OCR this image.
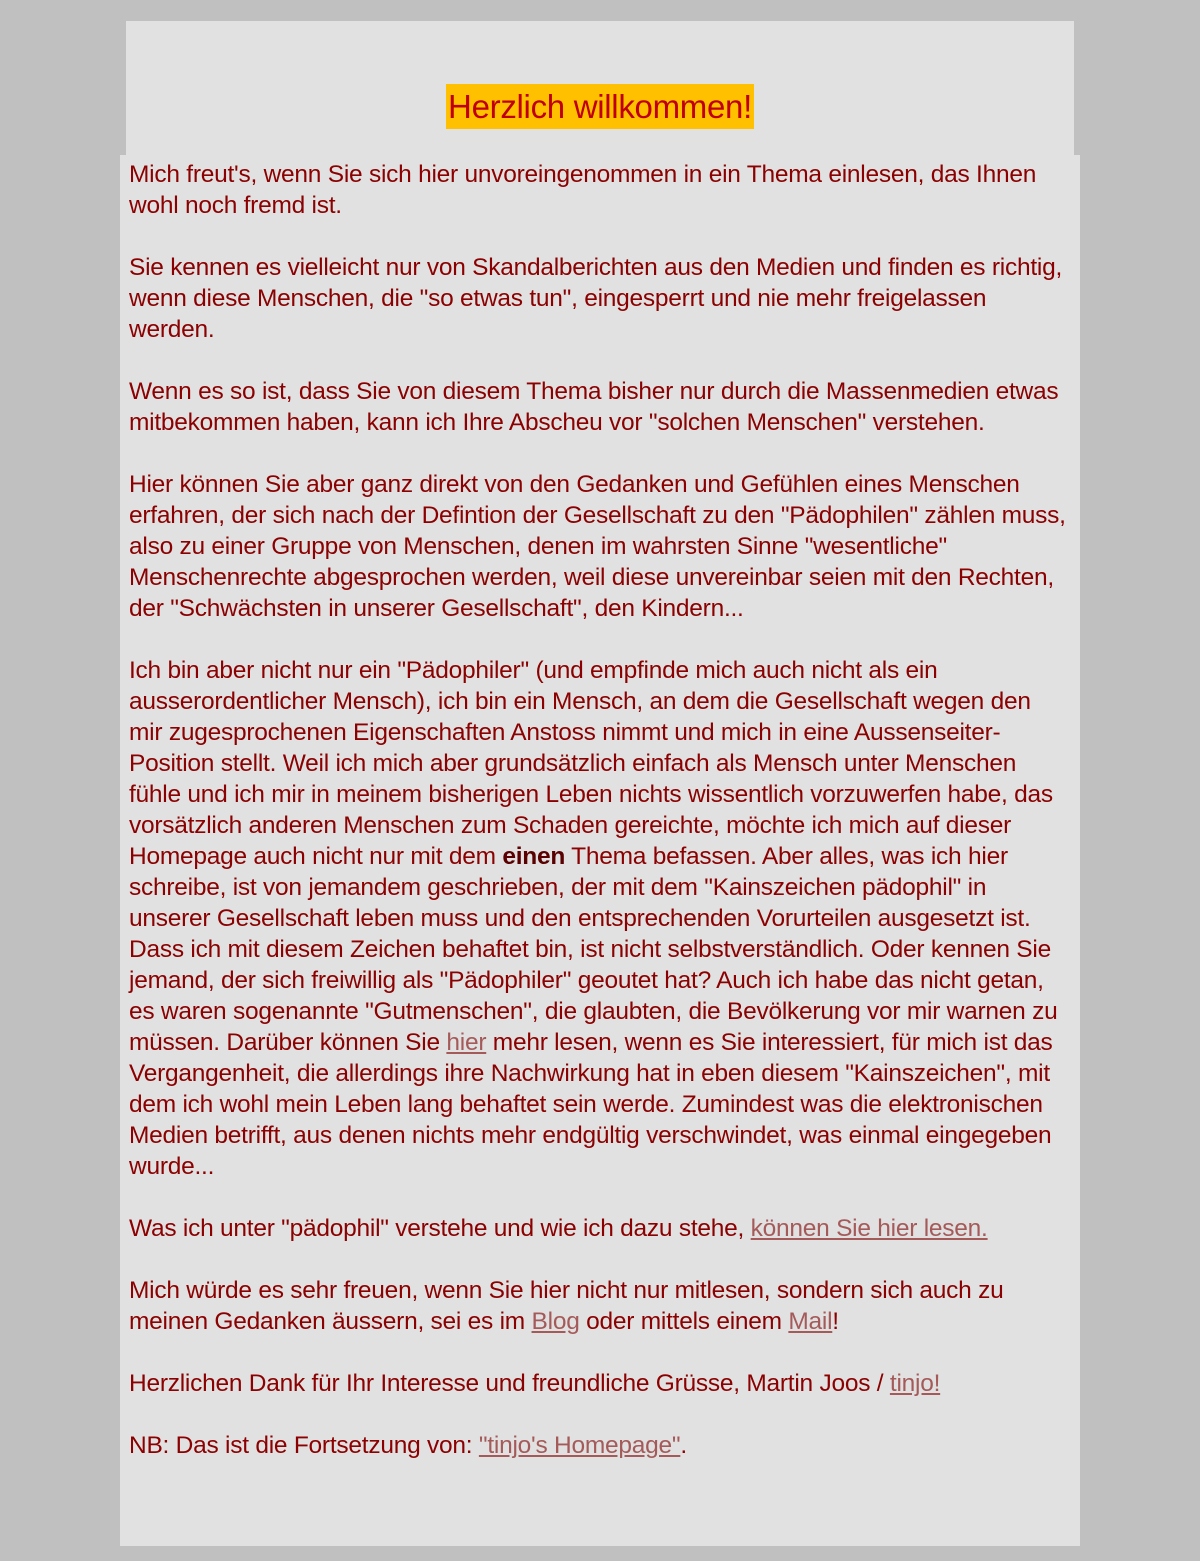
Herzlich willkommen!

Mich freut's, wenn Sie sich hier unvoreingenommen in ein Thema einlesen, das Ihnen wohl noch fremd ist.

Sie kennen es vielleicht nur von Skandalberichten aus den Medien und finden es richtig, wenn diese Menschen, die "so etwas tun", eingesperrt und nie mehr freigelassen werden.

Wenn es so ist, dass Sie von diesem Thema bisher nur durch die Massenmedien etwas mitbekommen haben, kann ich Ihre Abscheu vor "solchen Menschen" verstehen.

Hier können Sie aber ganz direkt von den Gedanken und Gefühlen eines Menschen erfahren, der sich nach der Defintion der Gesellschaft zu den "Pädophilen" zählen muss, also zu einer Gruppe von Menschen, denen im wahrsten Sinne "wesentliche" Menschenrechte abgesprochen werden, weil diese unvereinbar seien mit den Rechten, der "Schwächsten in unserer Gesellschaft", den Kindern...

Ich bin aber nicht nur ein "Pädophiler" (und empfinde mich auch nicht als ein ausserordentlicher Mensch), ich bin ein Mensch, an dem die Gesellschaft wegen den mir zugesprochenen Eigenschaften Anstoss nimmt und mich in eine Aussenseiter-Position stellt. Weil ich mich aber grundsätzlich einfach als Mensch unter Menschen fühle und ich mir in meinem bisherigen Leben nichts wissentlich vorzuwerfen habe, das vorsätzlich anderen Menschen zum Schaden gereichte, möchte ich mich auf dieser Homepage auch nicht nur mit dem einen Thema befassen. Aber alles, was ich hier schreibe, ist von jemandem geschrieben, der mit dem "Kainszeichen pädophil" in unserer Gesellschaft leben muss und den entsprechenden Vorurteilen ausgesetzt ist. Dass ich mit diesem Zeichen behaftet bin, ist nicht selbstverständlich. Oder kennen Sie jemand, der sich freiwillig als "Pädophiler" geoutet hat? Auch ich habe das nicht getan, es waren sogenannte "Gutmenschen", die glaubten, die Bevölkerung vor mir warnen zu müssen. Darüber können Sie hier mehr lesen, wenn es Sie interessiert, für mich ist das Vergangenheit, die allerdings ihre Nachwirkung hat in eben diesem "Kainszeichen", mit dem ich wohl mein Leben lang behaftet sein werde. Zumindest was die elektronischen Medien betrifft, aus denen nichts mehr endgültig verschwindet, was einmal eingegeben wurde...

Was ich unter "pädophil" verstehe und wie ich dazu stehe, können Sie hier lesen.

Mich würde es sehr freuen, wenn Sie hier nicht nur mitlesen, sondern sich auch zu meinen Gedanken äussern, sei es im Blog oder mittels einem Mail!

Herzlichen Dank für Ihr Interesse und freundliche Grüsse, Martin Joos / tinjo!

NB: Das ist die Fortsetzung von: "tinjo's Homepage".
